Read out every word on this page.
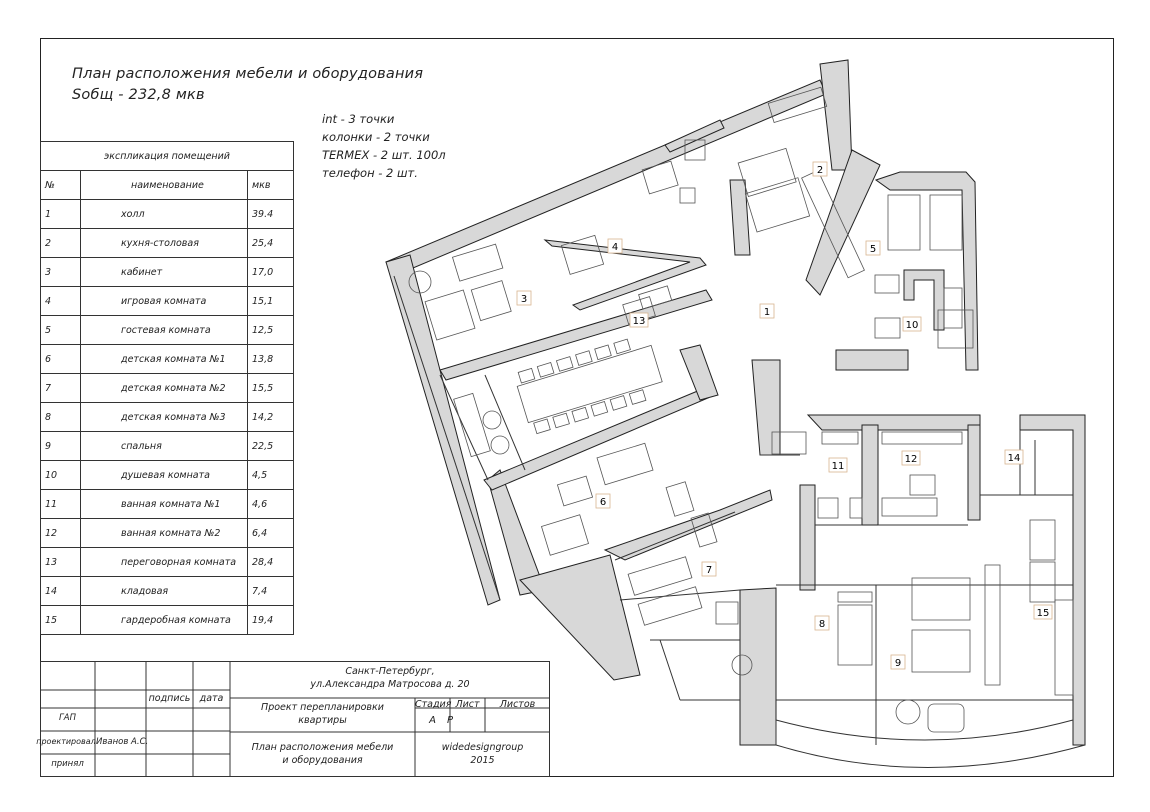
План расположения мебели и оборудования
Sобщ - 232,8 мкв
int - 3 точки
колонки - 2 точки
TERMEX - 2 шт. 100л
телефон - 2 шт.
экспликация помещений		
№	наименование	мкв
1	холл	39.4
2	кухня-столовая	25,4
3	кабинет	17,0
4	игровая комната	15,1
5	гостевая комната	12,5
6	детская комната №1	13,8
7	детская комната №2	15,5
8	детская комната №3	14,2
9	спальня	22,5
10	душевая комната	4,5
11	ванная комната №1	4,6
12	ванная комната №2	6,4
13	переговорная комната	28,4
14	кладовая	7,4
15	гардеробная комната	19,4
1
2
3
4	5
6
7
8
9
10
11
12
13
14
15
Санкт-Петербург,
ул.Александра Матросова д. 20
подпись дата
ГАП
проектировал Иванов А.С.
принял
Проект перепланировки
квартиры
Стадия Лист	Листов
А	Р
План расположения мебели
и оборудования
widedesigngroup
2015
